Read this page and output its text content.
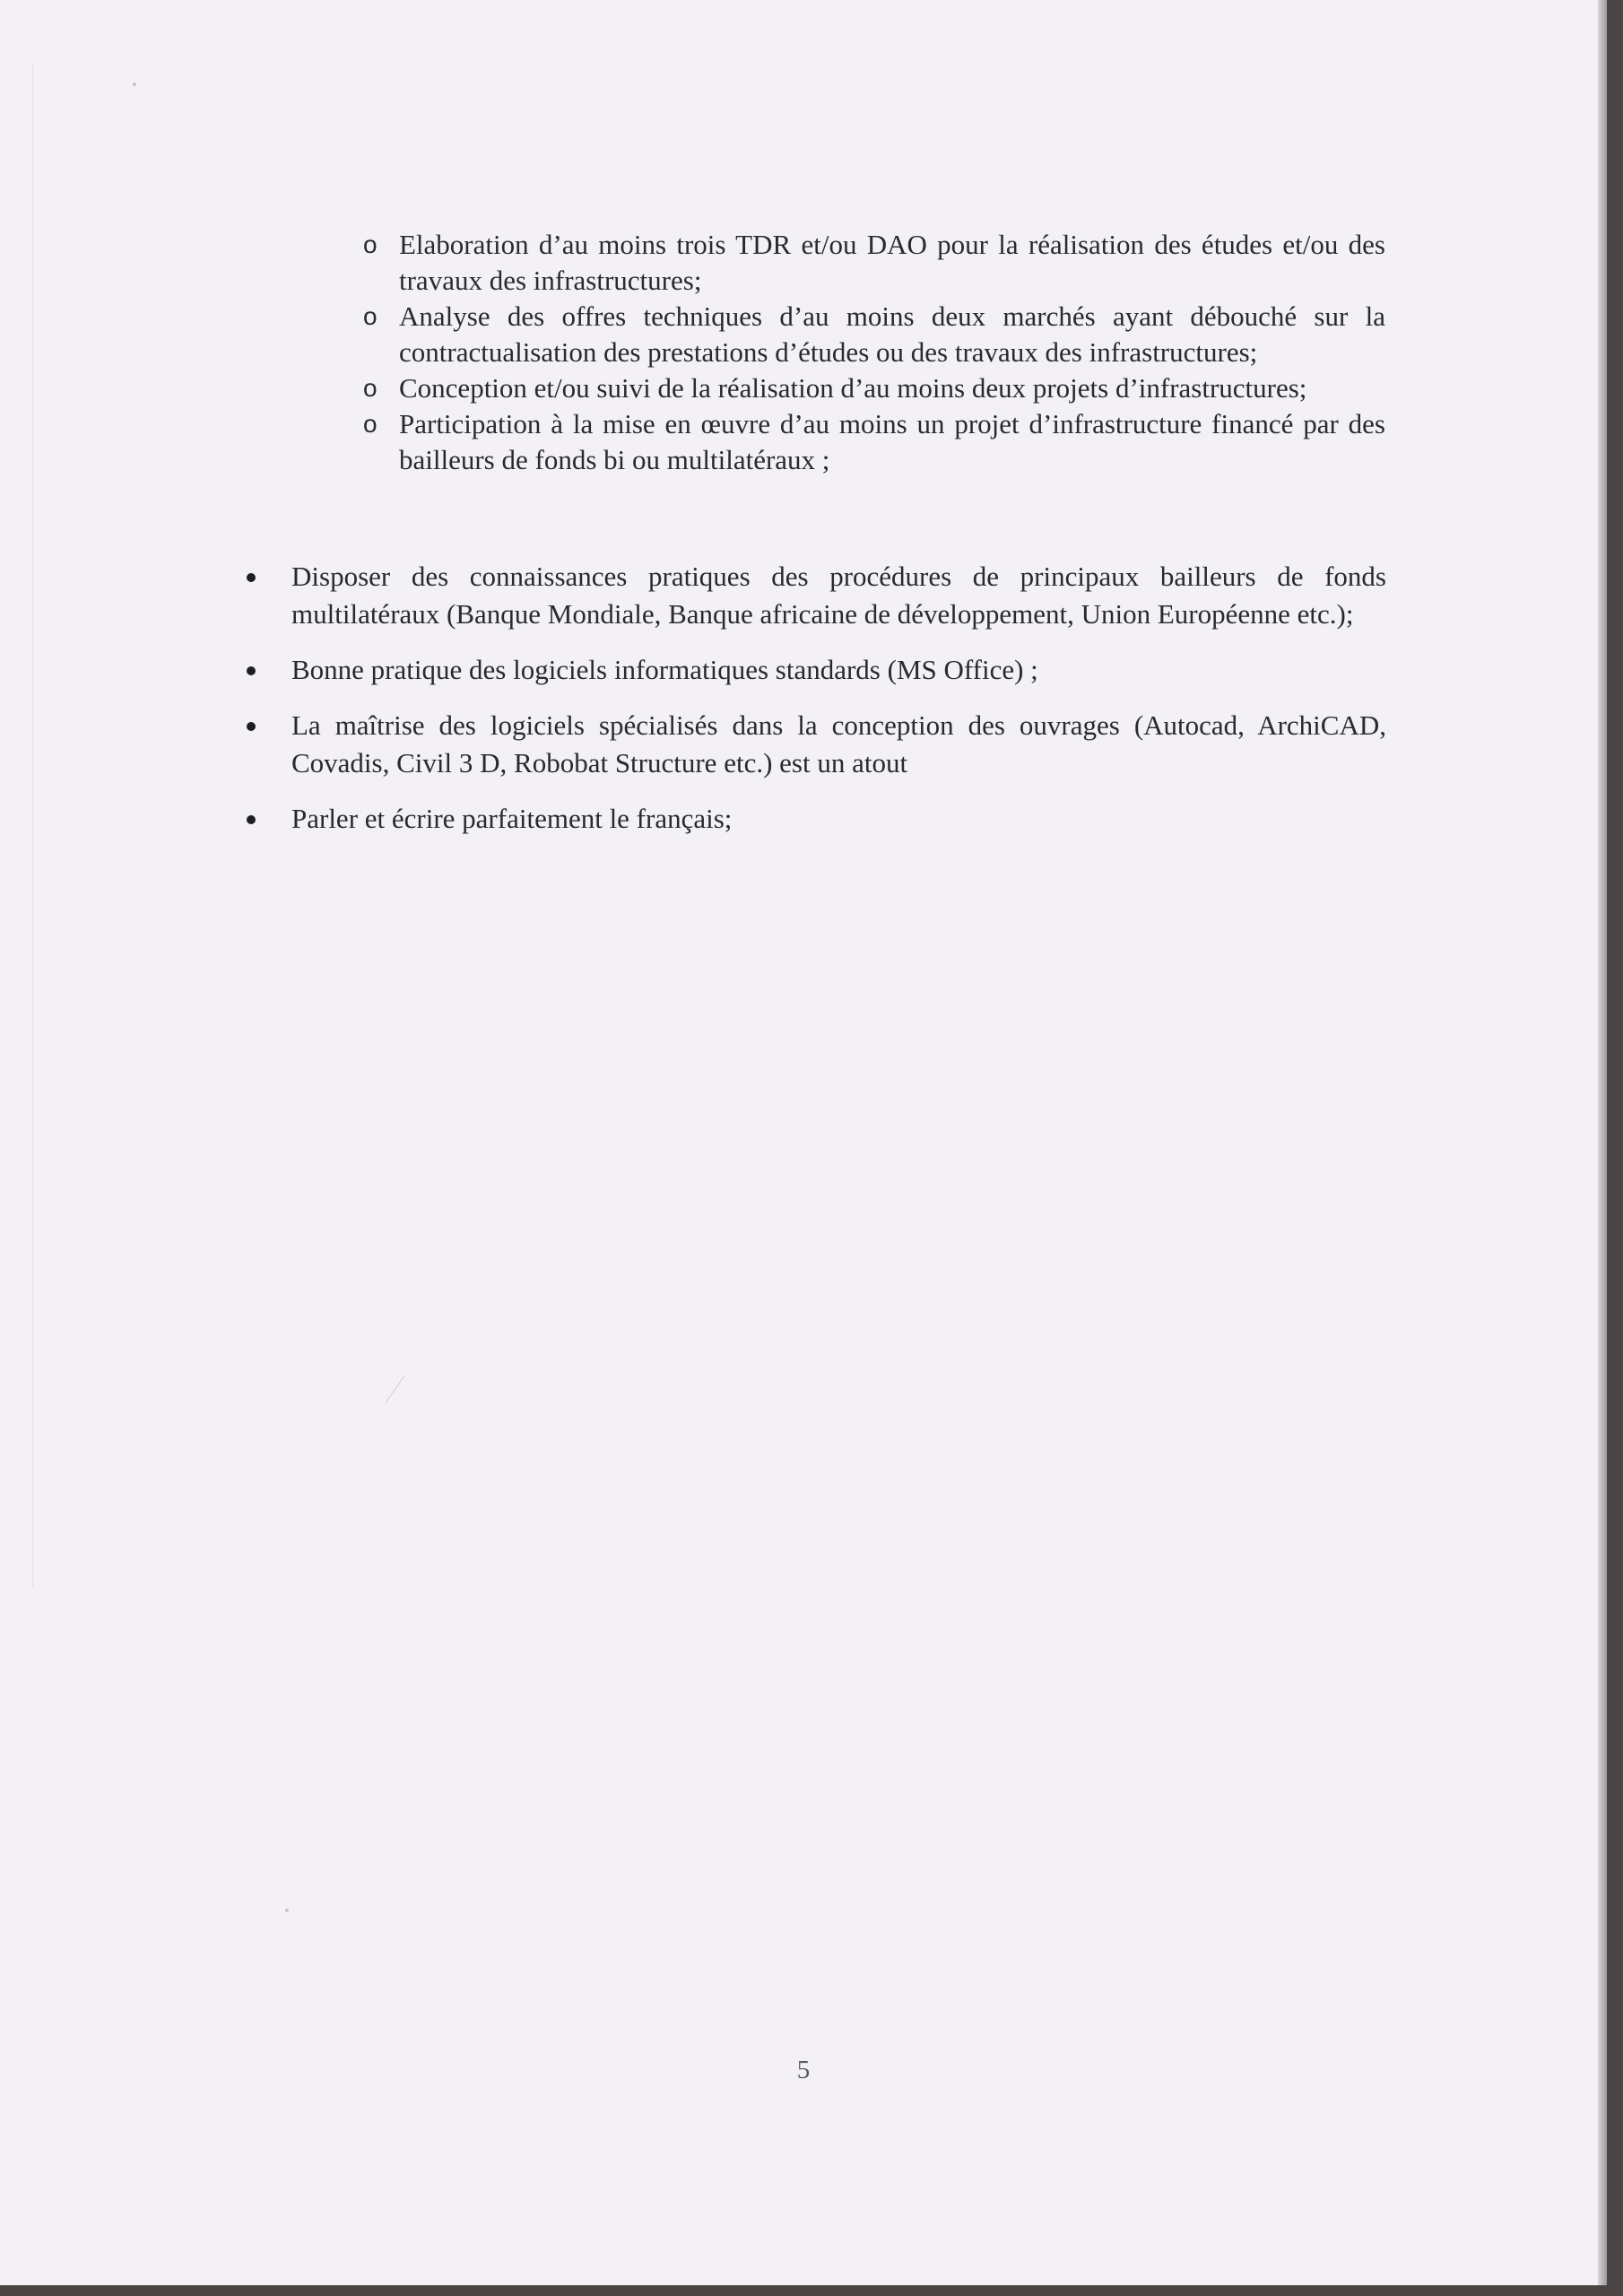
o Elaboration d’au moins trois TDR et/ou DAO pour la réalisation des études et/ou des travaux des infrastructures;
o Analyse des offres techniques d’au moins deux marchés ayant débouché sur la contractualisation des prestations d’études ou des travaux des infrastructures;
o Conception et/ou suivi de la réalisation d’au moins deux projets d’infrastructures;
o Participation à la mise en œuvre d’au moins un projet d’infrastructure financé par des bailleurs de fonds bi ou multilatéraux ;
Disposer des connaissances pratiques des procédures de principaux bailleurs de fonds multilatéraux (Banque Mondiale, Banque africaine de développement, Union Européenne etc.);
Bonne pratique des logiciels informatiques standards (MS Office) ;
La maîtrise des logiciels spécialisés dans la conception des ouvrages (Autocad, ArchiCAD, Covadis, Civil 3 D, Robobat Structure etc.) est un atout
Parler et écrire parfaitement le français;
5
